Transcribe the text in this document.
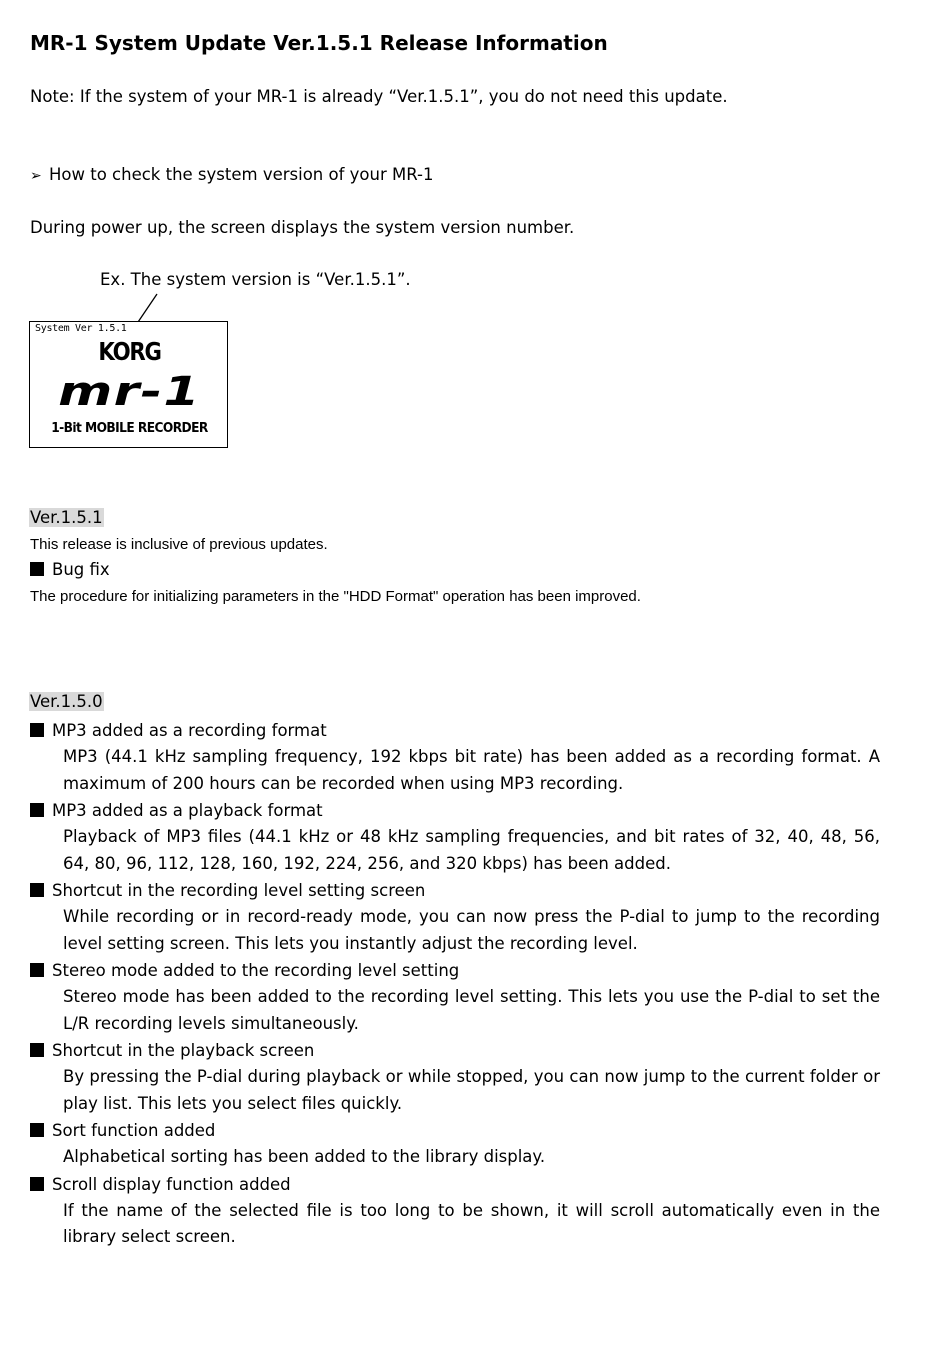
MR-1 System Update Ver.1.5.1 Release Information
Note: If the system of your MR-1 is already “Ver.1.5.1”, you do not need this update.
➢ How to check the system version of your MR-1
During power up, the screen displays the system version number.
Ex. The system version is “Ver.1.5.1”.
System Ver 1.5.1
KORG
mr-1
1-Bit MOBILE RECORDER
Ver.1.5.1
This release is inclusive of previous updates.
Bug fix
The procedure for initializing parameters in the "HDD Format" operation has been improved.
Ver.1.5.0
MP3 added as a recording format
MP3 (44.1 kHz sampling frequency, 192 kbps bit rate) has been added as a recording format. A maximum of 200 hours can be recorded when using MP3 recording.
MP3 added as a playback format
Playback of MP3 files (44.1 kHz or 48 kHz sampling frequencies, and bit rates of 32, 40, 48, 56, 64, 80, 96, 112, 128, 160, 192, 224, 256, and 320 kbps) has been added.
Shortcut in the recording level setting screen
While recording or in record-ready mode, you can now press the P-dial to jump to the recording level setting screen. This lets you instantly adjust the recording level.
Stereo mode added to the recording level setting
Stereo mode has been added to the recording level setting. This lets you use the P-dial to set the L/R recording levels simultaneously.
Shortcut in the playback screen
By pressing the P-dial during playback or while stopped, you can now jump to the current folder or play list. This lets you select files quickly.
Sort function added
Alphabetical sorting has been added to the library display.
Scroll display function added
If the name of the selected file is too long to be shown, it will scroll automatically even in the library select screen.
